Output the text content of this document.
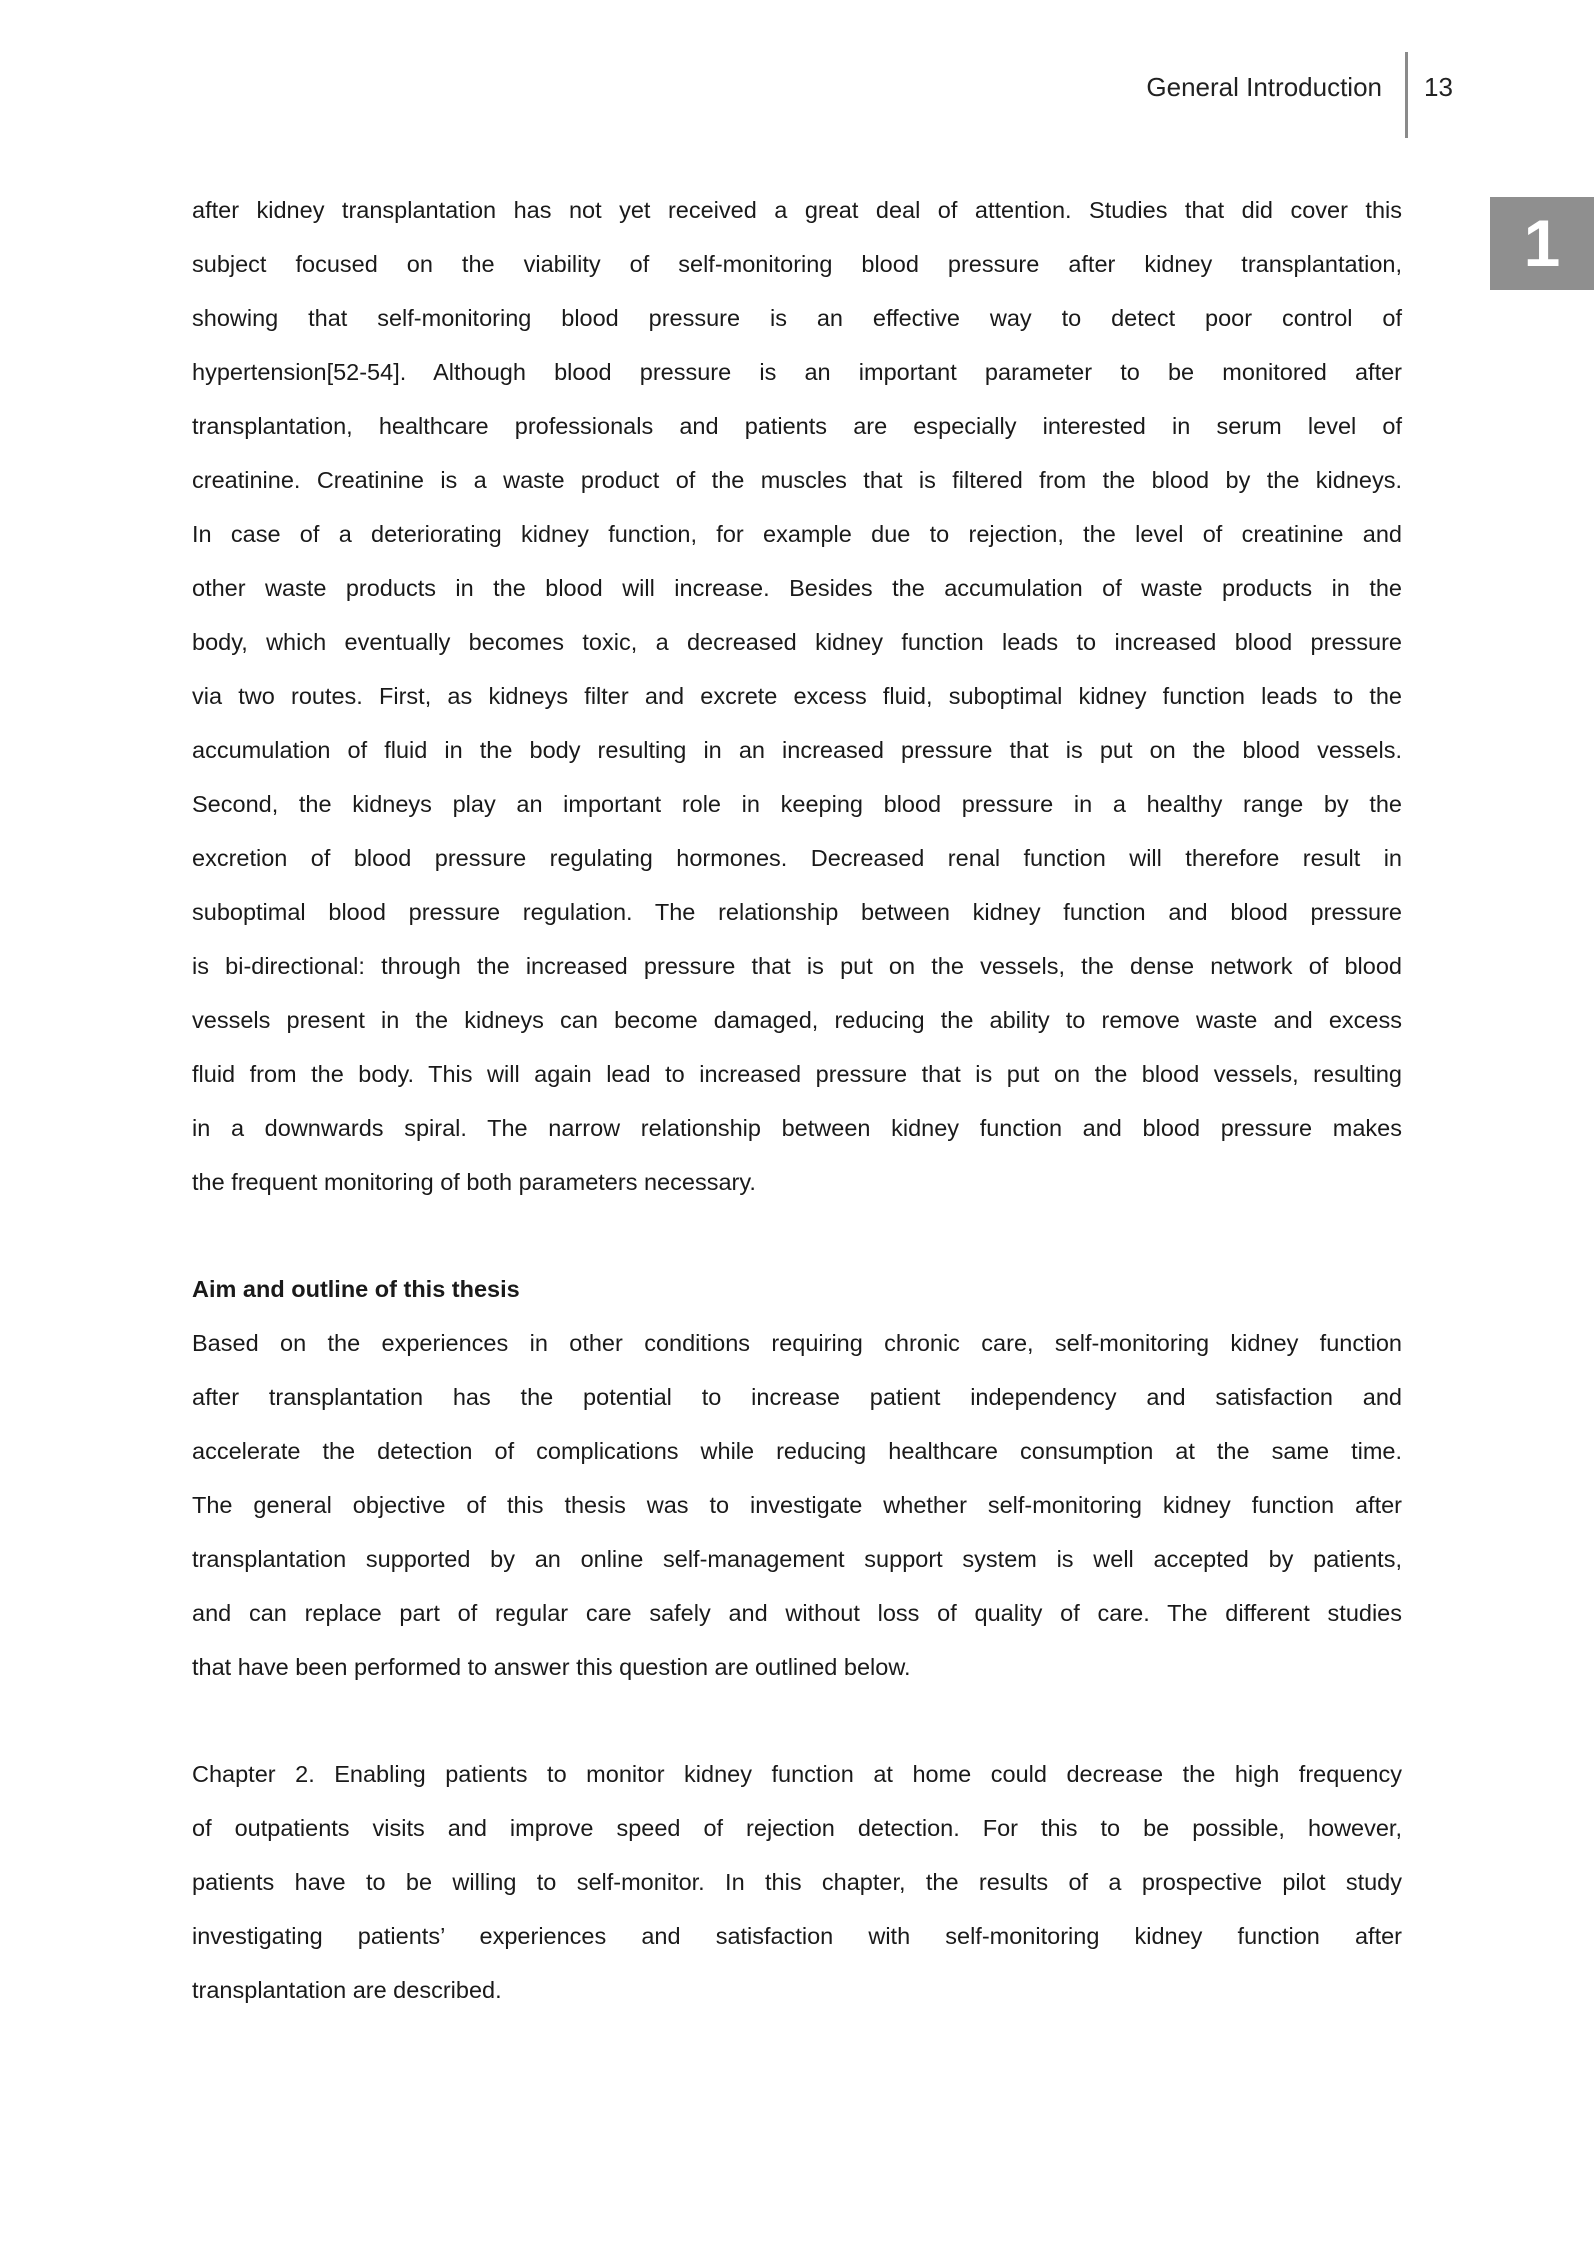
General Introduction 13
1
after kidney transplantation has not yet received a great deal of attention. Studies that did cover this
subject focused on the viability of self-monitoring blood pressure after kidney transplantation,
showing that self-monitoring blood pressure is an effective way to detect poor control of
hypertension[52-54]. Although blood pressure is an important parameter to be monitored after
transplantation, healthcare professionals and patients are especially interested in serum level of
creatinine. Creatinine is a waste product of the muscles that is filtered from the blood by the kidneys.
In case of a deteriorating kidney function, for example due to rejection, the level of creatinine and
other waste products in the blood will increase. Besides the accumulation of waste products in the
body, which eventually becomes toxic, a decreased kidney function leads to increased blood pressure
via two routes. First, as kidneys filter and excrete excess fluid, suboptimal kidney function leads to the
accumulation of fluid in the body resulting in an increased pressure that is put on the blood vessels.
Second, the kidneys play an important role in keeping blood pressure in a healthy range by the
excretion of blood pressure regulating hormones. Decreased renal function will therefore result in
suboptimal blood pressure regulation. The relationship between kidney function and blood pressure
is bi-directional: through the increased pressure that is put on the vessels, the dense network of blood
vessels present in the kidneys can become damaged, reducing the ability to remove waste and excess
fluid from the body. This will again lead to increased pressure that is put on the blood vessels, resulting
in a downwards spiral. The narrow relationship between kidney function and blood pressure makes
the frequent monitoring of both parameters necessary.
Aim and outline of this thesis
Based on the experiences in other conditions requiring chronic care, self-monitoring kidney function
after transplantation has the potential to increase patient independency and satisfaction and
accelerate the detection of complications while reducing healthcare consumption at the same time.
The general objective of this thesis was to investigate whether self-monitoring kidney function after
transplantation supported by an online self-management support system is well accepted by patients,
and can replace part of regular care safely and without loss of quality of care. The different studies
that have been performed to answer this question are outlined below.
Chapter 2. Enabling patients to monitor kidney function at home could decrease the high frequency
of outpatients visits and improve speed of rejection detection. For this to be possible, however,
patients have to be willing to self-monitor. In this chapter, the results of a prospective pilot study
investigating patients’ experiences and satisfaction with self-monitoring kidney function after
transplantation are described.
